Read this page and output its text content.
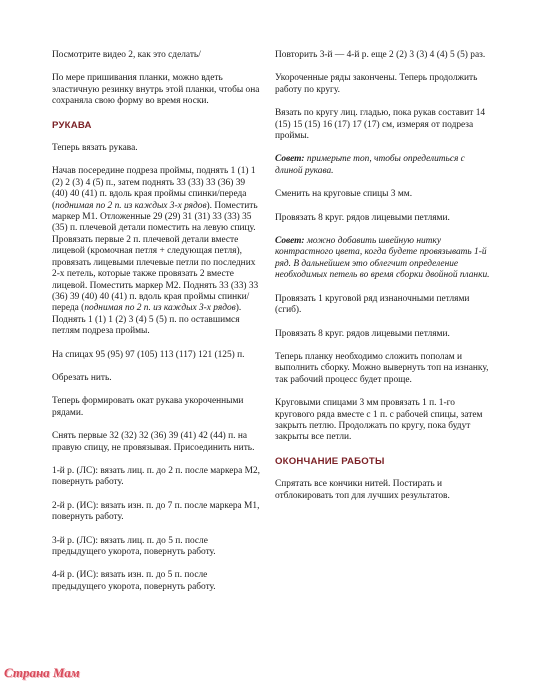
Посмотрите видео 2, как это сделать/

По мере пришивания планки, можно вдеть эластичную резинку внутрь этой планки, чтобы она сохраняла свою форму во время носки.

РУКАВА

Теперь вязать рукава.

Начав посередине подреза проймы, поднять 1 (1) 1 (2) 2 (3) 4 (5) п., затем поднять 33 (33) 33 (36) 39 (40) 40 (41) п. вдоль края проймы спинки/переда (поднимая по 2 п. из каждых 3-х рядов). Поместить маркер М1. Отложенные 29 (29) 31 (31) 33 (33) 35 (35) п. плечевой детали поместить на левую спицу. Провязать первые 2 п. плечевой детали вместе лицевой (кромочная петля + следующая петля), провязать лицевыми плечевые петли по последних 2-х петель, которые также провязать 2 вместе лицевой. Поместить маркер М2. Поднять 33 (33) 33 (36) 39 (40) 40 (41) п. вдоль края проймы спинки/переда (поднимая по 2 п. из каждых 3-х рядов). Поднять 1 (1) 1 (2) 3 (4) 5 (5) п. по оставшимся петлям подреза проймы.

На спицах 95 (95) 97 (105) 113 (117) 121 (125) п.

Обрезать нить.

Теперь формировать окат рукава укороченными рядами.

Снять первые 32 (32) 32 (36) 39 (41) 42 (44) п. на правую спицу, не провязывая. Присоединить нить.

1-й р. (ЛС): вязать лиц. п. до 2 п. после маркера М2, повернуть работу.

2-й р. (ИС): вязать изн. п. до 7 п. после маркера М1, повернуть работу.

3-й р. (ЛС): вязать лиц. п. до 5 п. после предыдущего укорота, повернуть работу.

4-й р. (ИС): вязать изн. п. до 5 п. после предыдущего укорота, повернуть работу.

Повторить 3-й — 4-й р. еще 2 (2) 3 (3) 4 (4) 5 (5) раз.

Укороченные ряды закончены. Теперь продолжить работу по кругу.

Вязать по кругу лиц. гладью, пока рукав составит 14 (15) 15 (15) 16 (17) 17 (17) см, измеряя от подреза проймы.

Совет: примерьте топ, чтобы определиться с длиной рукава.

Сменить на круговые спицы 3 мм.

Провязать 8 круг. рядов лицевыми петлями.

Совет: можно добавить швейную нитку контрастного цвета, когда будете провязывать 1-й ряд. В дальнейшем это облегчит определение необходимых петель во время сборки двойной планки.

Провязать 1 круговой ряд изнаночными петлями (сгиб).

Провязать 8 круг. рядов лицевыми петлями.

Теперь планку необходимо сложить пополам и выполнить сборку. Можно вывернуть топ на изнанку, так рабочий процесс будет проще.

Круговыми спицами 3 мм провязать 1 п. 1-го кругового ряда вместе с 1 п. с рабочей спицы, затем закрыть петлю. Продолжать по кругу, пока будут закрыты все петли.

ОКОНЧАНИЕ РАБОТЫ

Спрятать все кончики нитей. Постирать и отблокировать топ для лучших результатов.

Страна Мам
